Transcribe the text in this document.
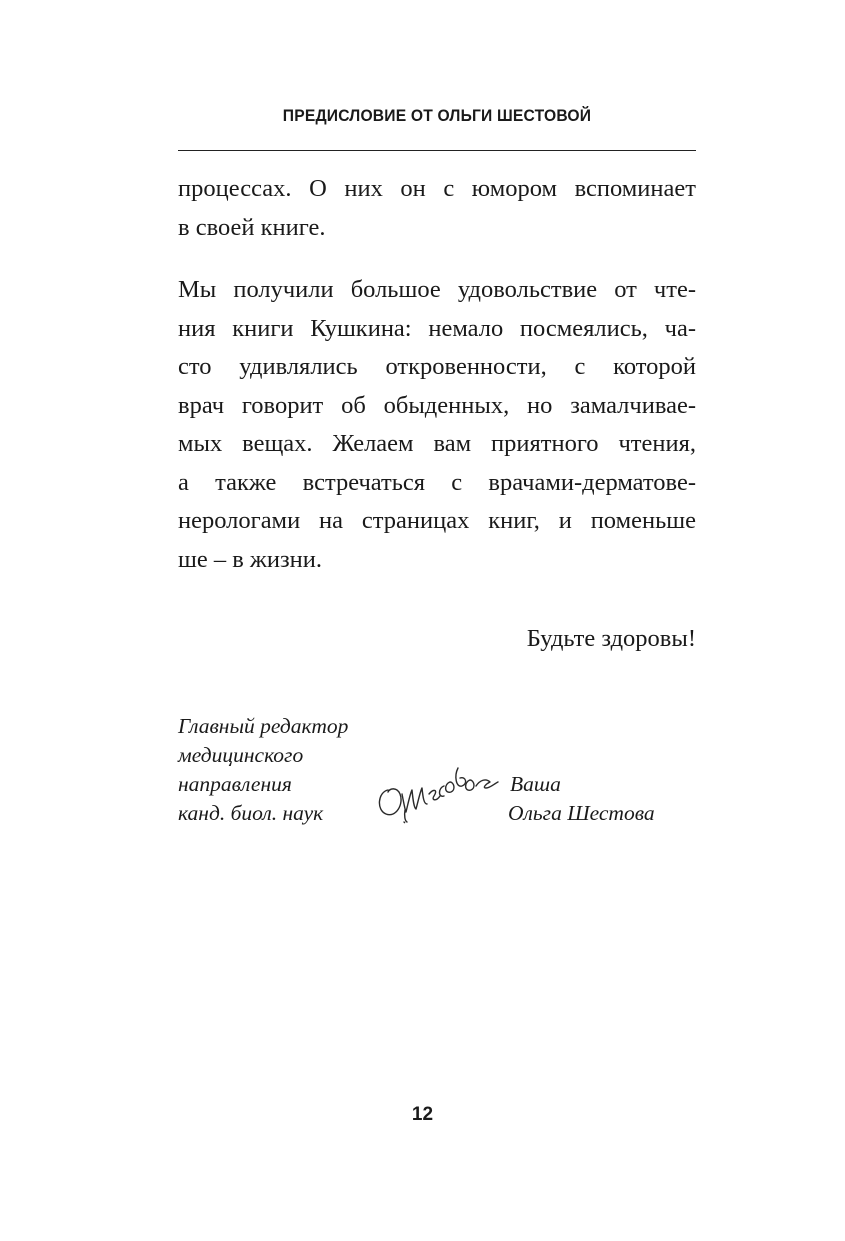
ПРЕДИСЛОВИЕ ОТ ОЛЬГИ ШЕСТОВОЙ

процессах. О них он с юмором вспоминает
в своей книге.

Мы получили большое удовольствие от чте-
ния книги Кушкина: немало посмеялись, ча-
сто удивлялись откровенности, с которой
врач говорит об обыденных, но замалчивае-
мых вещах. Желаем вам приятного чтения,
а также встречаться с врачами-дерматове-
нерологами на страницах книг, и поменьше
ше – в жизни.

Будьте здоровы!
Главный редактор
медицинского
направления
канд. биол. наук
Ваша
Ольга Шестова
12
